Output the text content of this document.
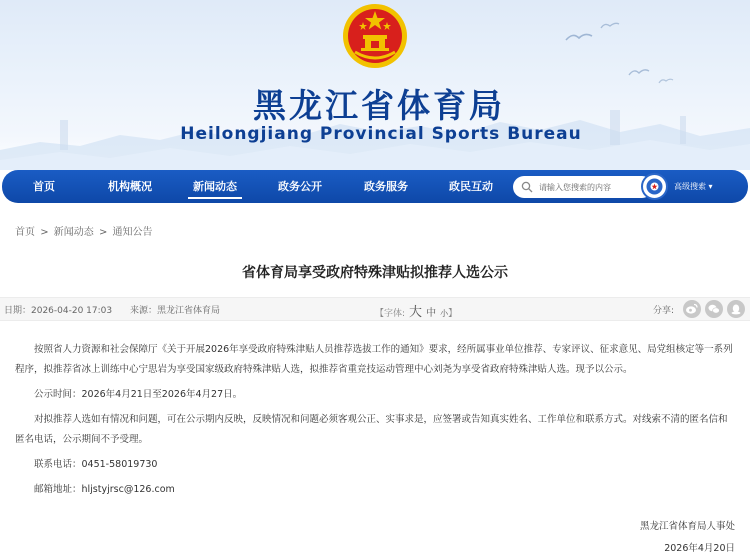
黑龙江省体育局
Heilongjiang Provincial Sports Bureau
首页	机构概况	新闻动态	政务公开	政务服务	政民互动
请输入您搜索的内容	高级搜索 ▾
首页 > 新闻动态 > 通知公告
省体育局享受政府特殊津贴拟推荐人选公示
日期：2026-04-20 17:03 来源：黑龙江省体育局	【字体: 大 中 小】	分享:

按照省人力资源和社会保障厅《关于开展2026年享受政府特殊津贴人员推荐选拔工作的通知》要求，经所属事业单位推荐、专家评议、征求意见、局党组核定等一系列程序，拟推荐省冰上训练中心宁思岩为享受国家级政府特殊津贴人选，拟推荐省重竞技运动管理中心刘尧为享受省政府特殊津贴人选。现予以公示。

公示时间：2026年4月21日至2026年4月27日。

对拟推荐人选如有情况和问题，可在公示期内反映，反映情况和问题必须客观公正、实事求是，应签署或告知真实姓名、工作单位和联系方式。对线索不清的匿名信和匿名电话，公示期间不予受理。

联系电话：0451-58019730

邮箱地址：hljstyjrsc@126.com

黑龙江省体育局人事处
2026年4月20日
